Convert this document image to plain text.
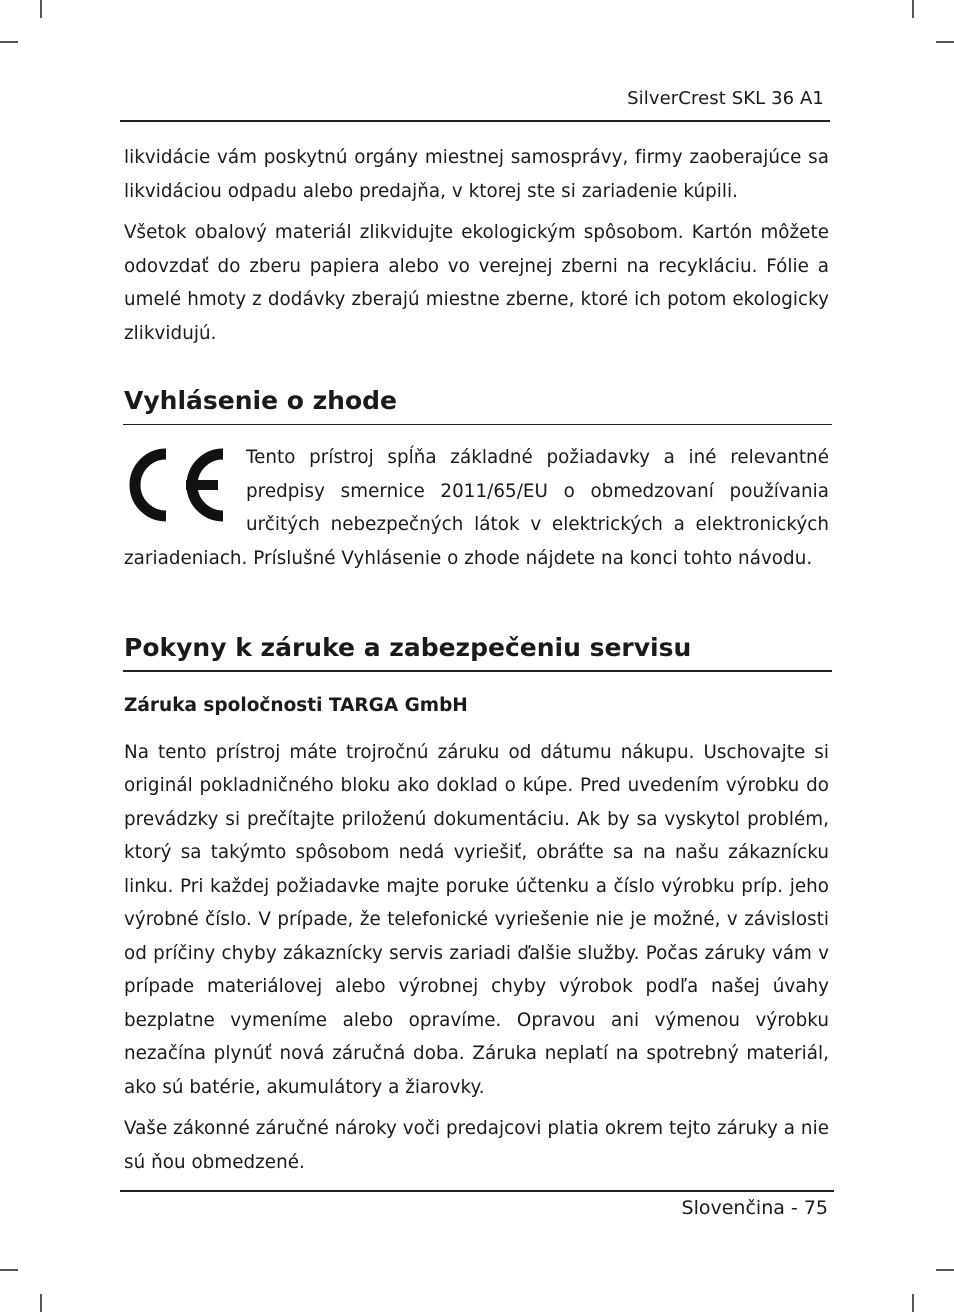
SilverCrest SKL 36 A1

likvidácie vám poskytnú orgány miestnej samosprávy, firmy zaoberajúce sa likvidáciou odpadu alebo predajňa, v ktorej ste si zariadenie kúpili.

Všetok obalový materiál zlikvidujte ekologickým spôsobom. Kartón môžete odovzdať do zberu papiera alebo vo verejnej zberni na recykláciu. Fólie a umelé hmoty z dodávky zberajú miestne zberne, ktoré ich potom ekologicky zlikvidujú.

Vyhlásenie o zhode

Tento prístroj spĺňa základné požiadavky a iné relevantné predpisy smernice 2011/65/EU o obmedzovaní používania určitých nebezpečných látok v elektrických a elektronických zariadeniach. Príslušné Vyhlásenie o zhode nájdete na konci tohto návodu.

Pokyny k záruke a zabezpečeniu servisu
Záruka spoločnosti TARGA GmbH

Na tento prístroj máte trojročnú záruku od dátumu nákupu. Uschovajte si originál pokladničného bloku ako doklad o kúpe. Pred uvedením výrobku do prevádzky si prečítajte priloženú dokumentáciu. Ak by sa vyskytol problém, ktorý sa takýmto spôsobom nedá vyriešiť, obráťte sa na našu zákaznícku linku. Pri každej požiadavke majte poruke účtenku a číslo výrobku príp. jeho výrobné číslo. V prípade, že telefonické vyriešenie nie je možné, v závislosti od príčiny chyby zákaznícky servis zariadi ďalšie služby. Počas záruky vám v prípade materiálovej alebo výrobnej chyby výrobok podľa našej úvahy bezplatne vymeníme alebo opravíme. Opravou ani výmenou výrobku nezačína plynúť nová záručná doba. Záruka neplatí na spotrebný materiál, ako sú batérie, akumulátory a žiarovky.

Vaše zákonné záručné nároky voči predajcovi platia okrem tejto záruky a nie sú ňou obmedzené.

Slovenčina - 75
